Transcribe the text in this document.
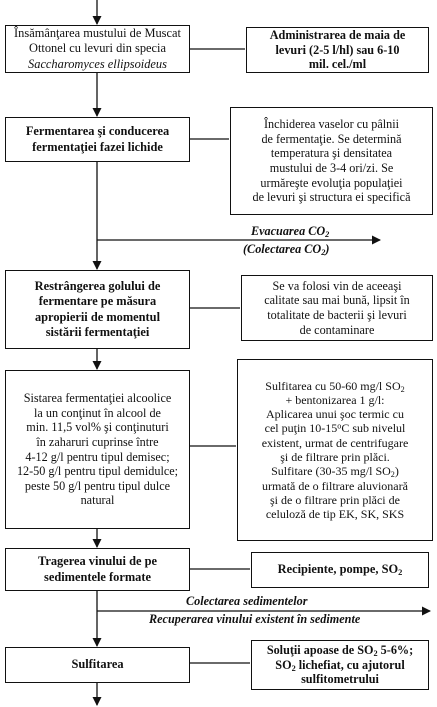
Însămânţarea mustului de Muscat
Ottonel cu levuri din specia
Saccharomyces ellipsoideus
Fermentarea şi conducerea
fermentaţiei fazei lichide
Restrângerea golului de
fermentare pe măsura
apropierii de momentul
sistării fermentaţiei
Sistarea fermentaţiei alcoolice
la un conţinut în alcool de
min. 11,5 vol% şi conţinuturi
în zaharuri cuprinse între
4-12 g/l pentru tipul demisec;
12-50 g/l pentru tipul demidulce;
peste 50 g/l pentru tipul dulce
natural
Tragerea vinului de pe
sedimentele formate
Sulfitarea
Administrarea de maia de
levuri (2-5 l/hl) sau 6-10
mil. cel./ml
Închiderea vaselor cu pâlnii
de fermentaţie. Se determină
temperatura şi densitatea
mustului de 3-4 ori/zi. Se
urmăreşte evoluţia populaţiei
de levuri şi structura ei specifică
Se va folosi vin de aceeaşi
calitate sau mai bună, lipsit în
totalitate de bacterii şi levuri
de contaminare
Sulfitarea cu 50-60 mg/l $SO_2$
+ bentonizarea 1 g/l:
Aplicarea unui şoc termic cu
cel puţin 10-15$^o$C sub nivelul
existent, urmat de centrifugare
şi de filtrare prin plăci.
Sulfitare (30-35 mg/l $SO_2$)
urmată de o filtrare aluvionară
şi de o filtrare prin plăci de
celuloză de tip EK, SK, SKS
Recipiente, pompe, $SO_2$
Soluţii apoase de $SO_2$ 5-6%;
$SO_2$ lichefiat, cu ajutorul
sulfitometrului
Evacuarea $CO_2$
(Colectarea $CO_2$)
Colectarea sedimentelor
Recuperarea vinului existent în sedimente
